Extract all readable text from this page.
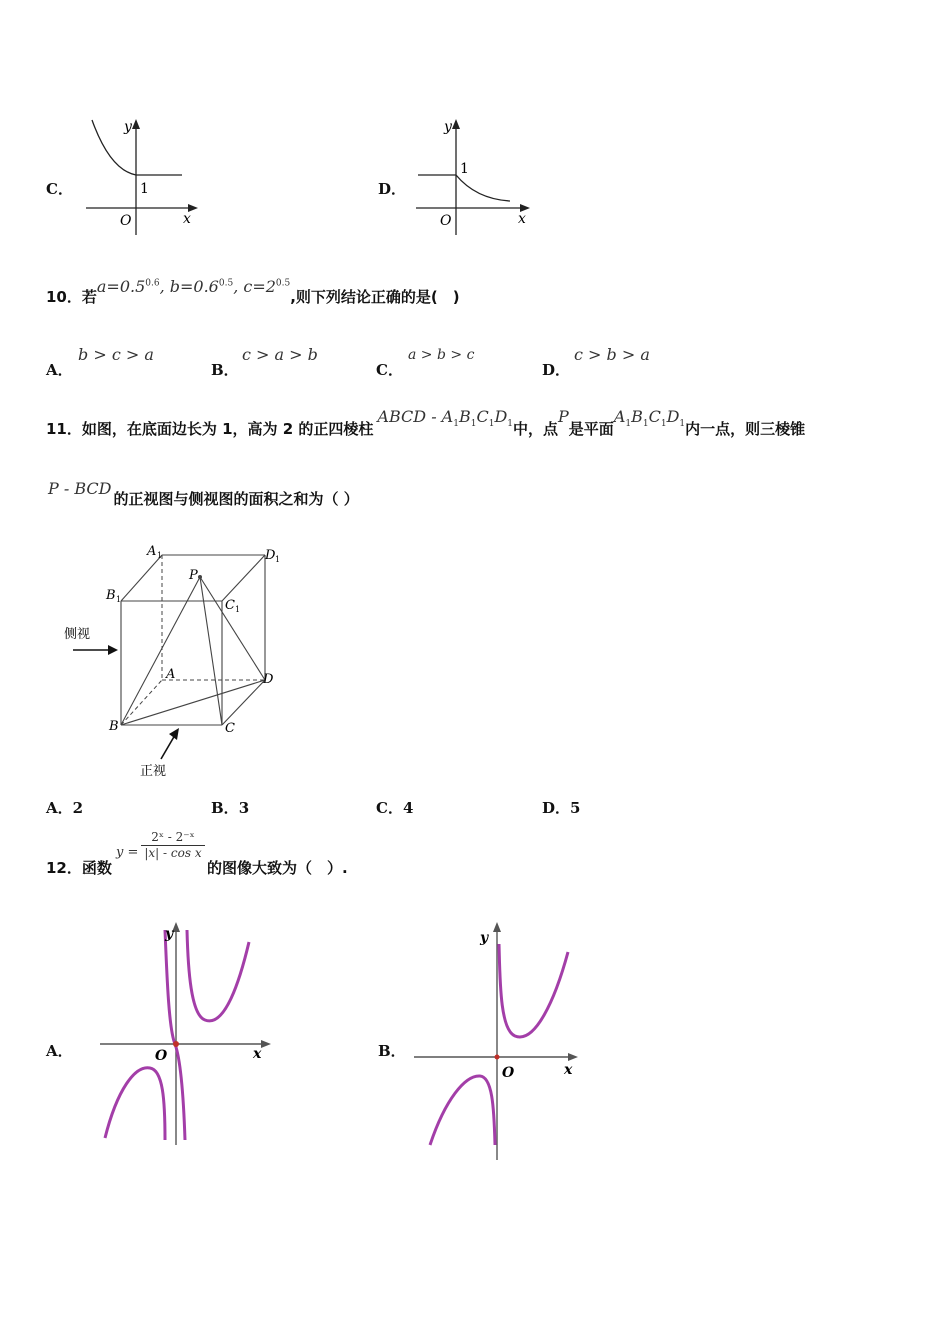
C．
y
x
O
1	D．
y
x
O
1
10．若$a=0.5^{0.6}$, $b=0.6^{0.5}$, $c=2^{0.5}$,则下列结论正确的是(　)
A．
b > c > a
B．
c > a > b
C．
a > b > c
D．
c > b > a
11．如图，在底面边长为 1，高为 2 的正四棱柱ABCD - $A_1B_1C_1D_1$中，点P是平面$A_1B_1C_1D_1$内一点，则三棱锥
P - BCD的正视图与侧视图的面积之和为（ ）
A 1	D 1
B 1	C 1
P
A	D
B	C
侧视
正视
A．2	B．3	C．4	D．5
12．函数
$y = \frac{\text{2ˣ - 2⁻ˣ}}{\text{|x| - cos x}}$
的图像大致为（　）.
A．
y
x
O	B．
y
x
O
